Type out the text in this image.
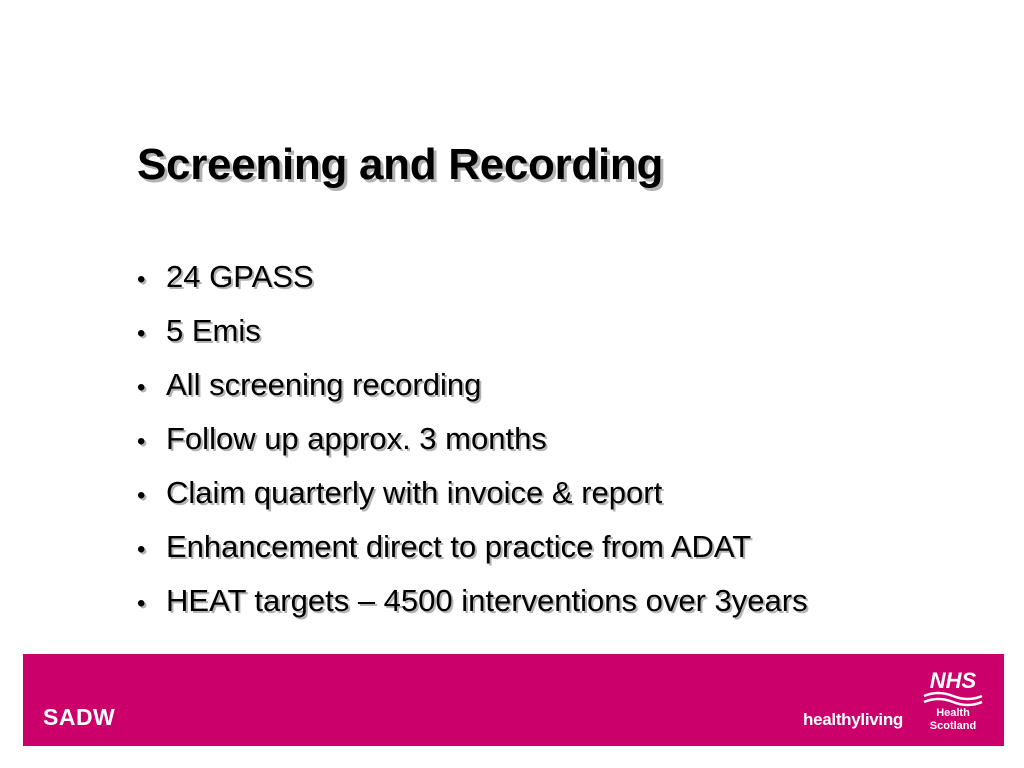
Screening and Recording
• 24 GPASS
• 5 Emis
• All screening recording
• Follow up approx. 3 months
• Claim quarterly with invoice & report
• Enhancement direct to practice from ADAT
• HEAT targets – 4500 interventions over 3years
SADW	healthyliving
NHS
Health
Scotland
